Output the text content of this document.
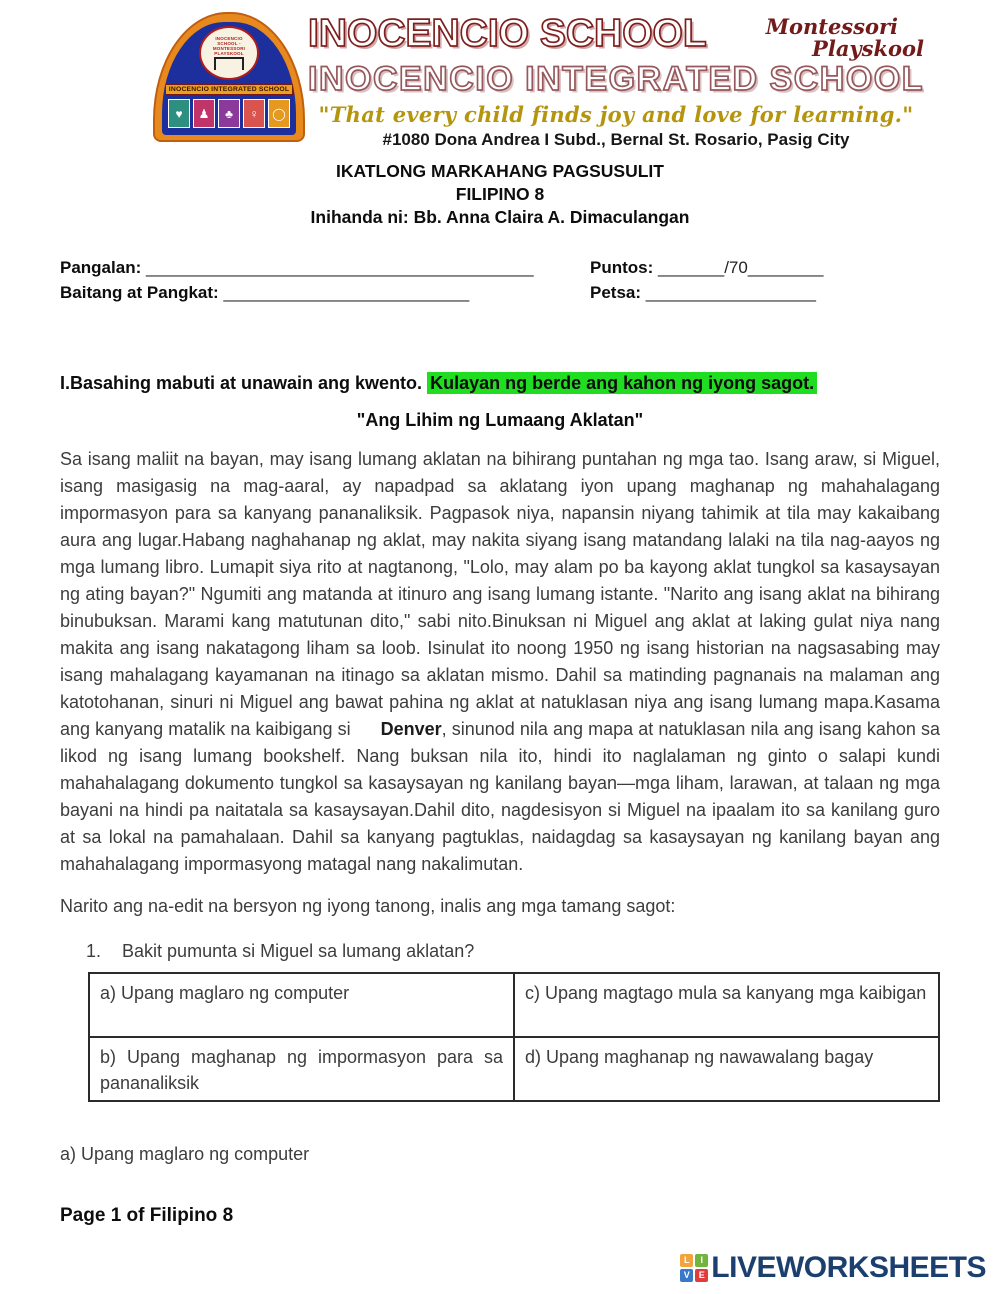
INOCENCIO SCHOOL - MONTESSORI PLAYSKOOL
INOCENCIO INTEGRATED SCHOOL
♥	♟	♣	♀	◯
INOCENCIO SCHOOL	Montessori
Playskool
INOCENCIO INTEGRATED SCHOOL
"That every child finds joy and love for learning."
#1080 Dona Andrea I Subd., Bernal St. Rosario, Pasig City
IKATLONG MARKAHANG PAGSUSULIT
FILIPINO 8
Inihanda ni: Bb. Anna Claira A. Dimaculangan
Pangalan: _________________________________________
Baitang at Pangkat: __________________________
Puntos: _______/70________
Petsa: __________________
I.Basahing mabuti at unawain ang kwento. Kulayan ng berde ang kahon ng iyong sagot.
"Ang Lihim ng Lumaang Aklatan"

Sa isang maliit na bayan, may isang lumang aklatan na bihirang puntahan ng mga tao. Isang araw, si Miguel, isang masigasig na mag-aaral, ay napadpad sa aklatang iyon upang maghanap ng mahahalagang impormasyon para sa kanyang pananaliksik. Pagpasok niya, napansin niyang tahimik at tila may kakaibang aura ang lugar.Habang naghahanap ng aklat, may nakita siyang isang matandang lalaki na tila nag-aayos ng mga lumang libro. Lumapit siya rito at nagtanong, "Lolo, may alam po ba kayong aklat tungkol sa kasaysayan ng ating bayan?" Ngumiti ang matanda at itinuro ang isang lumang istante. "Narito ang isang aklat na bihirang binubuksan. Marami kang matutunan dito," sabi nito.Binuksan ni Miguel ang aklat at laking gulat niya nang makita ang isang nakatagong liham sa loob. Isinulat ito noong 1950 ng isang historian na nagsasabing may isang mahalagang kayamanan na itinago sa aklatan mismo. Dahil sa matinding pagnanais na malaman ang katotohanan, sinuri ni Miguel ang bawat pahina ng aklat at natuklasan niya ang isang lumang mapa.Kasama ang kanyang matalik na kaibigang si Denver, sinunod nila ang mapa at natuklasan nila ang isang kahon sa likod ng isang lumang bookshelf. Nang buksan nila ito, hindi ito naglalaman ng ginto o salapi kundi mahahalagang dokumento tungkol sa kasaysayan ng kanilang bayan—mga liham, larawan, at talaan ng mga bayani na hindi pa naitatala sa kasaysayan.Dahil dito, nagdesisyon si Miguel na ipaalam ito sa kanilang guro at sa lokal na pamahalaan. Dahil sa kanyang pagtuklas, naidagdag sa kasaysayan ng kanilang bayan ang mahahalagang impormasyong matagal nang nakalimutan.

Narito ang na-edit na bersyon ng iyong tanong, inalis ang mga tamang sagot:
1. Bakit pumunta si Miguel sa lumang aklatan?
a) Upang maglaro ng computer	c) Upang magtago mula sa kanyang mga kaibigan
b) Upang maghanap ng impormasyon para sa pananaliksik	d) Upang maghanap ng nawawalang bagay
a) Upang maglaro ng computer
Page 1 of Filipino 8
L	I
V E LIVEWORKSHEETS
